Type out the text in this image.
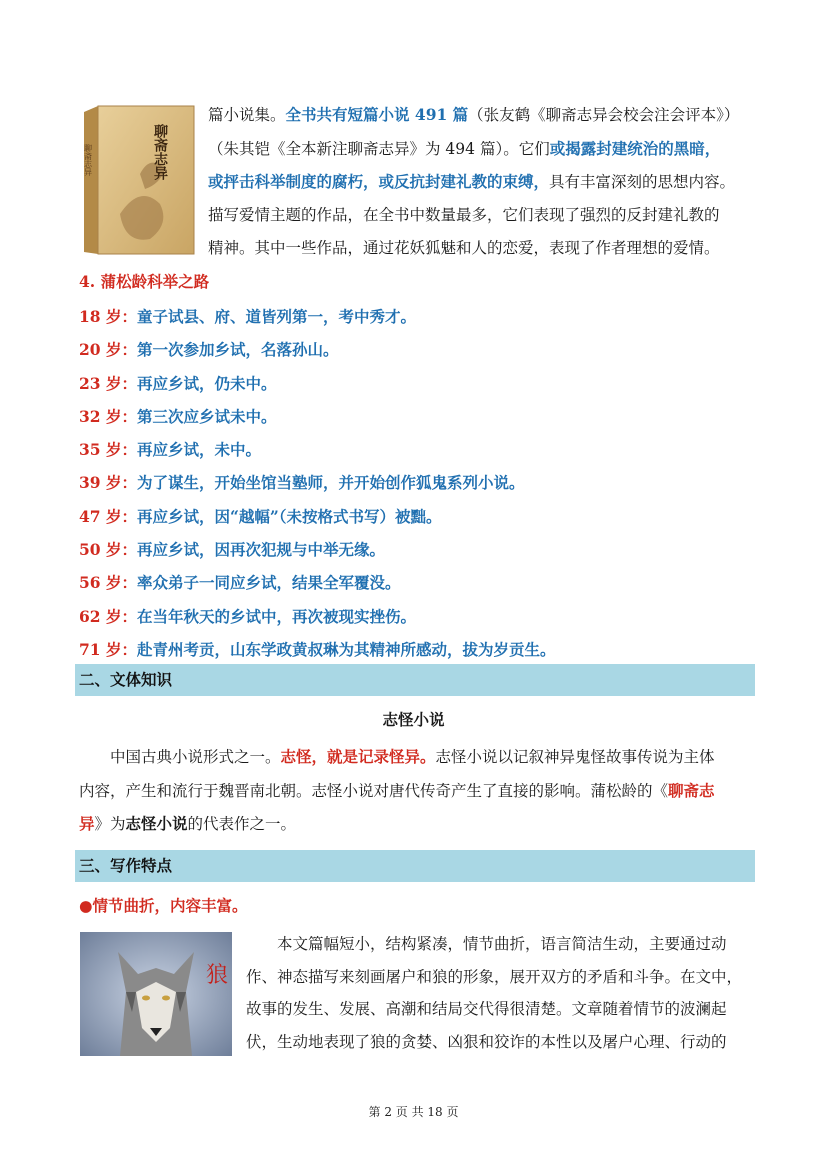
聊斋志异	聊斋志异
篇小说集。全书共有短篇小说 491 篇（张友鹤《聊斋志异会校会注会评本》）
（朱其铠《全本新注聊斋志异》为 494 篇）。它们或揭露封建统治的黑暗，
或抨击科举制度的腐朽，或反抗封建礼教的束缚，具有丰富深刻的思想内容。
描写爱情主题的作品，在全书中数量最多，它们表现了强烈的反封建礼教的
精神。其中一些作品，通过花妖狐魅和人的恋爱，表现了作者理想的爱情。
4. 蒲松龄科举之路
18 岁：童子试县、府、道皆列第一，考中秀才。
20 岁：第一次参加乡试，名落孙山。
23 岁：再应乡试，仍未中。
32 岁：第三次应乡试未中。
35 岁：再应乡试，未中。
39 岁：为了谋生，开始坐馆当塾师，并开始创作狐鬼系列小说。
47 岁：再应乡试，因“越幅”（未按格式书写）被黜。
50 岁：再应乡试，因再次犯规与中举无缘。
56 岁：率众弟子一同应乡试，结果全军覆没。
62 岁：在当年秋天的乡试中，再次被现实挫伤。
71 岁：赴青州考贡，山东学政黄叔琳为其精神所感动，拔为岁贡生。
二、文体知识
志怪小说
中国古典小说形式之一。志怪，就是记录怪异。志怪小说以记叙神异鬼怪故事传说为主体
内容，产生和流行于魏晋南北朝。志怪小说对唐代传奇产生了直接的影响。蒲松龄的《聊斋志
异》为志怪小说的代表作之一。
三、写作特点
●情节曲折，内容丰富。
狼
本文篇幅短小，结构紧凑，情节曲折，语言简洁生动，主要通过动
作、神态描写来刻画屠户和狼的形象，展开双方的矛盾和斗争。在文中，
故事的发生、发展、高潮和结局交代得很清楚。文章随着情节的波澜起
伏，生动地表现了狼的贪婪、凶狠和狡诈的本性以及屠户心理、行动的
第 2 页 共 18 页
